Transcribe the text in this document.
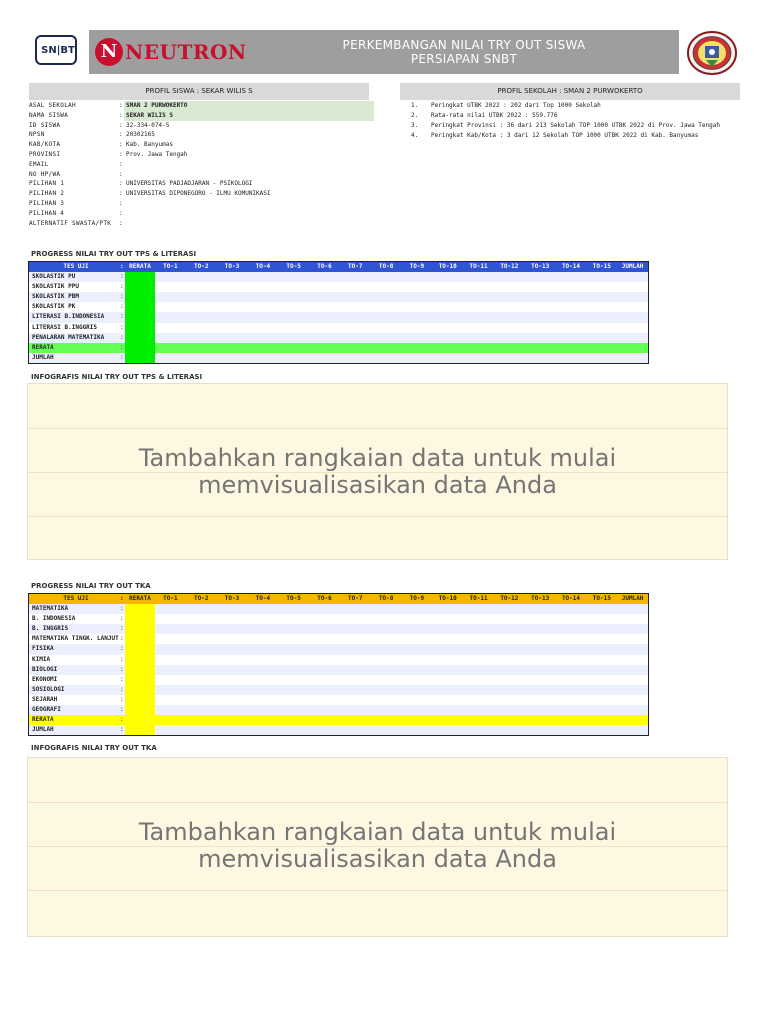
SN|BT	N NEUTRON	PERKEMBANGAN NILAI TRY OUT SISWA
PERSIAPAN SNBT
PROFIL SISWA : SEKAR WILIS S	PROFIL SEKOLAH : SMAN 2 PURWOKERTO
ASAL SEKOLAH	: SMAN 2 PURWOKERTO
NAMA SISWA	: SEKAR WILIS S
ID SISWA	: 32-334-074-5
NPSN	: 20302165
KAB/KOTA	: Kab. Banyumas
PROVINSI	: Prov. Jawa Tengah
EMAIL	:
NO HP/WA	:
PILIHAN 1	: UNIVERSITAS PADJADJARAN - PSIKOLOGI
PILIHAN 2	: UNIVERSITAS DIPONEGORO - ILMU KOMUNIKASI
PILIHAN 3	:
PILIHAN 4	:
ALTERNATIF SWASTA/PTK	:
1.	Peringkat UTBK 2022 : 202 dari Top 1000 Sekolah
2.	Rata-rata nilai UTBK 2022 : 559.776
3.	Peringkat Provinsi : 36 dari 213 Sekolah TOP 1000 UTBK 2022 di Prov. Jawa Tengah
4.	Peringkat Kab/Kota : 3 dari 12 Sekolah TOP 1000 UTBK 2022 di Kab. Banyumas
PROGRESS NILAI TRY OUT TPS & LITERASI
TES UJI	: RERATA	TO-1	TO-2	TO-3	TO-4	TO-5	TO-6	TO-7	TO-8	TO-9	TO-10	TO-11	TO-12	TO-13	TO-14	TO-15	JUMLAH
SKOLASTIK PU	:
SKOLASTIK PPU	:
SKOLASTIK PBM	:
SKOLASTIK PK	:
LITERASI B.INDONESIA	:
LITERASI B.INGGRIS	:
PENALARAN MATEMATIKA	:
RERATA	:
JUMLAH	:
INFOGRAFIS NILAI TRY OUT TPS & LITERASI
Tambahkan rangkaian data untuk mulai
memvisualisasikan data Anda
PROGRESS NILAI TRY OUT TKA
TES UJI	: RERATA	TO-1	TO-2	TO-3	TO-4	TO-5	TO-6	TO-7	TO-8	TO-9	TO-10	TO-11	TO-12	TO-13	TO-14	TO-15	JUMLAH
MATEMATIKA	:
B. INDONESIA	:
B. INGGRIS	:
MATEMATIKA TINGK. LANJUT :
FISIKA	:
KIMIA	:
BIOLOGI	:
EKONOMI	:
SOSIOLOGI	:
SEJARAH	:
GEOGRAFI	:
RERATA	:
JUMLAH	:
INFOGRAFIS NILAI TRY OUT TKA
Tambahkan rangkaian data untuk mulai
memvisualisasikan data Anda
